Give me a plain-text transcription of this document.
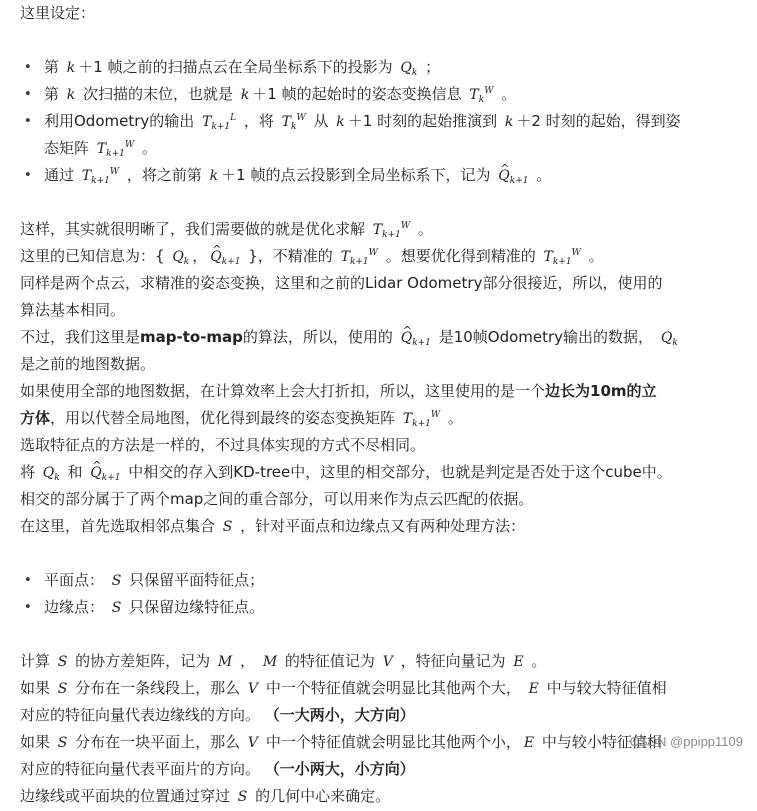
这里设定：
• 第 k ＋1 帧之前的扫描点云在全局坐标系下的投影为 $Q_k$ ；
• 第 k 次扫描的末位，也就是 k ＋1 帧的起始时的姿态变换信息 $T_k^W$ 。
• 利用Odometry的输出 $T_{k+1}^L$ ，将 $T_k^W$ 从 k ＋1 时刻的起始推演到 k ＋2 时刻的起始，得到姿
态矩阵 $T_{k+1}^W$ 。
• 通过 $T_{k+1}^W$ ，将之前第 k ＋1 帧的点云投影到全局坐标系下，记为 ^ $Q_{k+1}$ 。
这样，其实就很明晰了，我们需要做的就是优化求解 $T_{k+1}^W$ 。
这里的已知信息为：{ $Q_k$ ，^ $Q_{k+1}$ }，不精准的 $T_{k+1}^W$ 。想要优化得到精准的 $T_{k+1}^W$ 。
同样是两个点云，求精准的姿态变换，这里和之前的Lidar Odometry部分很接近，所以，使用的
算法基本相同。
不过，我们这里是map-to-map的算法，所以，使用的 ^ $Q_{k+1}$ 是10帧Odometry输出的数据， $Q_k$
是之前的地图数据。
如果使用全部的地图数据，在计算效率上会大打折扣，所以，这里使用的是一个边长为10m的立
方体，用以代替全局地图，优化得到最终的姿态变换矩阵 $T_{k+1}^W$ 。
选取特征点的方法是一样的，不过具体实现的方式不尽相同。
将 $Q_k$ 和 ^ $Q_{k+1}$ 中相交的存入到KD-tree中，这里的相交部分，也就是判定是否处于这个cube中。
相交的部分属于了两个map之间的重合部分，可以用来作为点云匹配的依据。
在这里，首先选取相邻点集合 S ，针对平面点和边缘点又有两种处理方法：
• 平面点： S 只保留平面特征点；
• 边缘点： S 只保留边缘特征点。
计算 S 的协方差矩阵，记为 M ， M 的特征值记为 V ，特征向量记为 E 。
如果 S 分布在一条线段上，那么 V 中一个特征值就会明显比其他两个大， E 中与较大特征值相
对应的特征向量代表边缘线的方向。 （一大两小，大方向）
如果 S 分布在一块平面上，那么 V 中一个特征值就会明显比其他两个小， E 中与较小特征值相
对应的特征向量代表平面片的方向。 （一小两大，小方向）
边缘线或平面块的位置通过穿过 S 的几何中心来确定。
CSDN @ppipp1109
